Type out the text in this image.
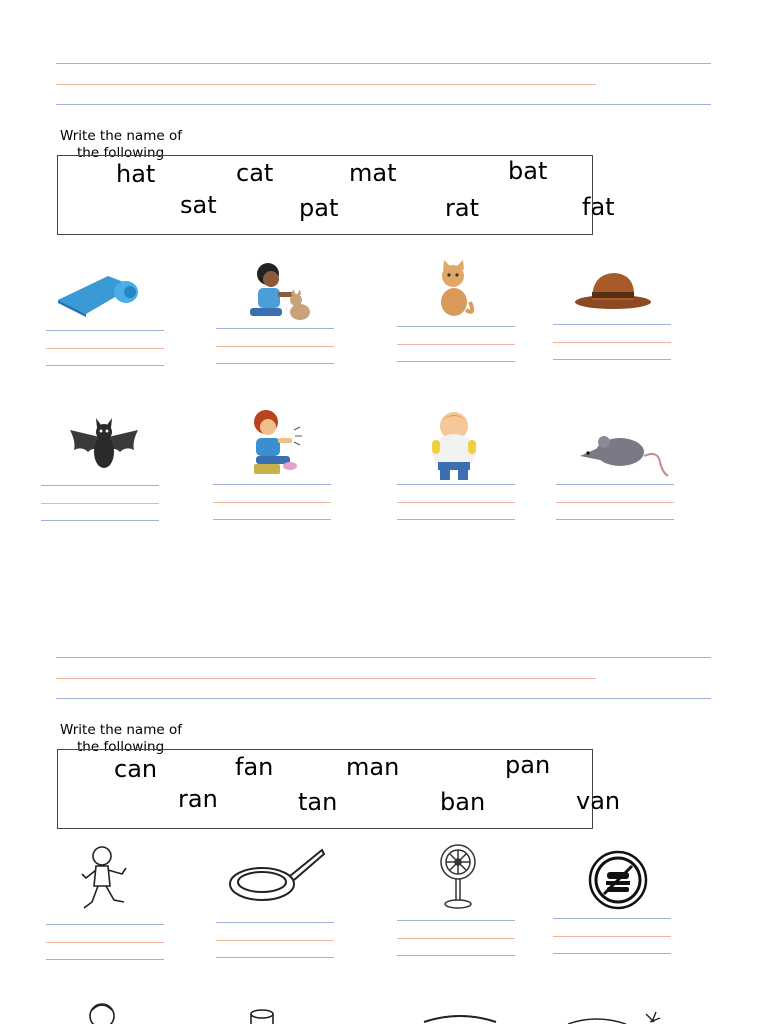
Write the name of
the following
hat	cat	mat	bat
sat	pat	rat	fat
Write the name of
the following
can	fan	man	pan
ran	tan	ban	van
